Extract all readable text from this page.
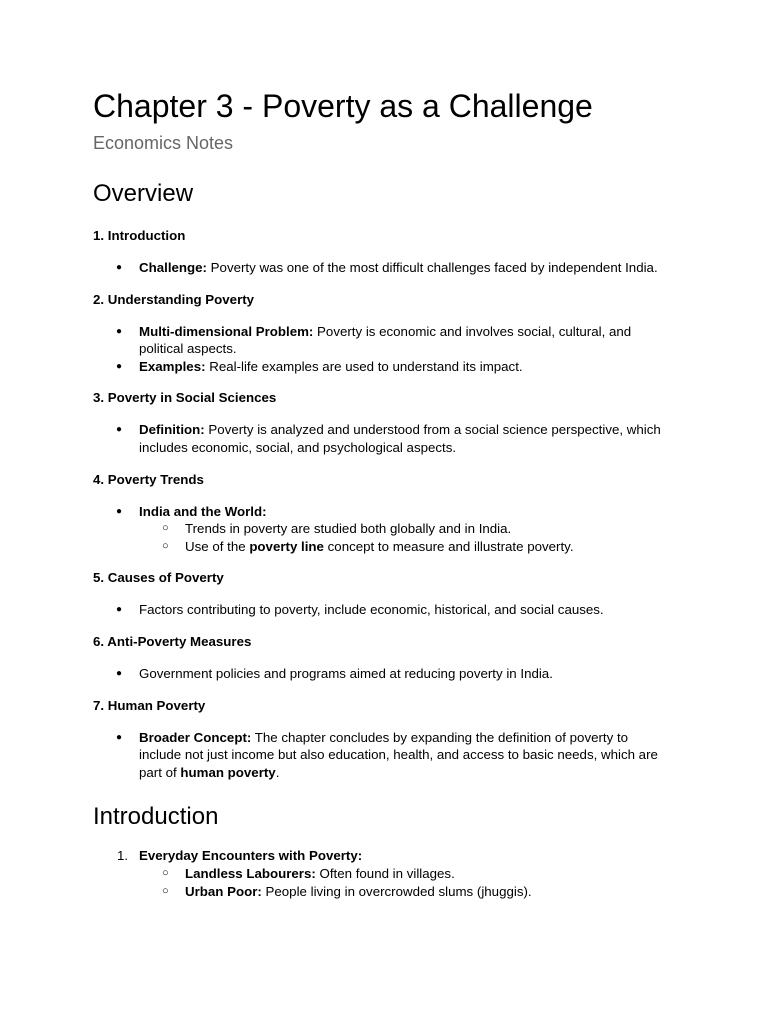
Chapter 3 - Poverty as a Challenge
Economics Notes
Overview
1. Introduction
● Challenge: Poverty was one of the most difficult challenges faced by independent India.
2. Understanding Poverty
● Multi-dimensional Problem: Poverty is economic and involves social, cultural, and political aspects.
● Examples: Real-life examples are used to understand its impact.
3. Poverty in Social Sciences
● Definition: Poverty is analyzed and understood from a social science perspective, which includes economic, social, and psychological aspects.
4. Poverty Trends
● India and the World:
○ Trends in poverty are studied both globally and in India.
○ Use of the poverty line concept to measure and illustrate poverty.
5. Causes of Poverty
● Factors contributing to poverty, include economic, historical, and social causes.
6. Anti-Poverty Measures
● Government policies and programs aimed at reducing poverty in India.
7. Human Poverty
● Broader Concept: The chapter concludes by expanding the definition of poverty to include not just income but also education, health, and access to basic needs, which are part of human poverty.
Introduction
1. Everyday Encounters with Poverty:
○ Landless Labourers: Often found in villages.
○ Urban Poor: People living in overcrowded slums (jhuggis).
